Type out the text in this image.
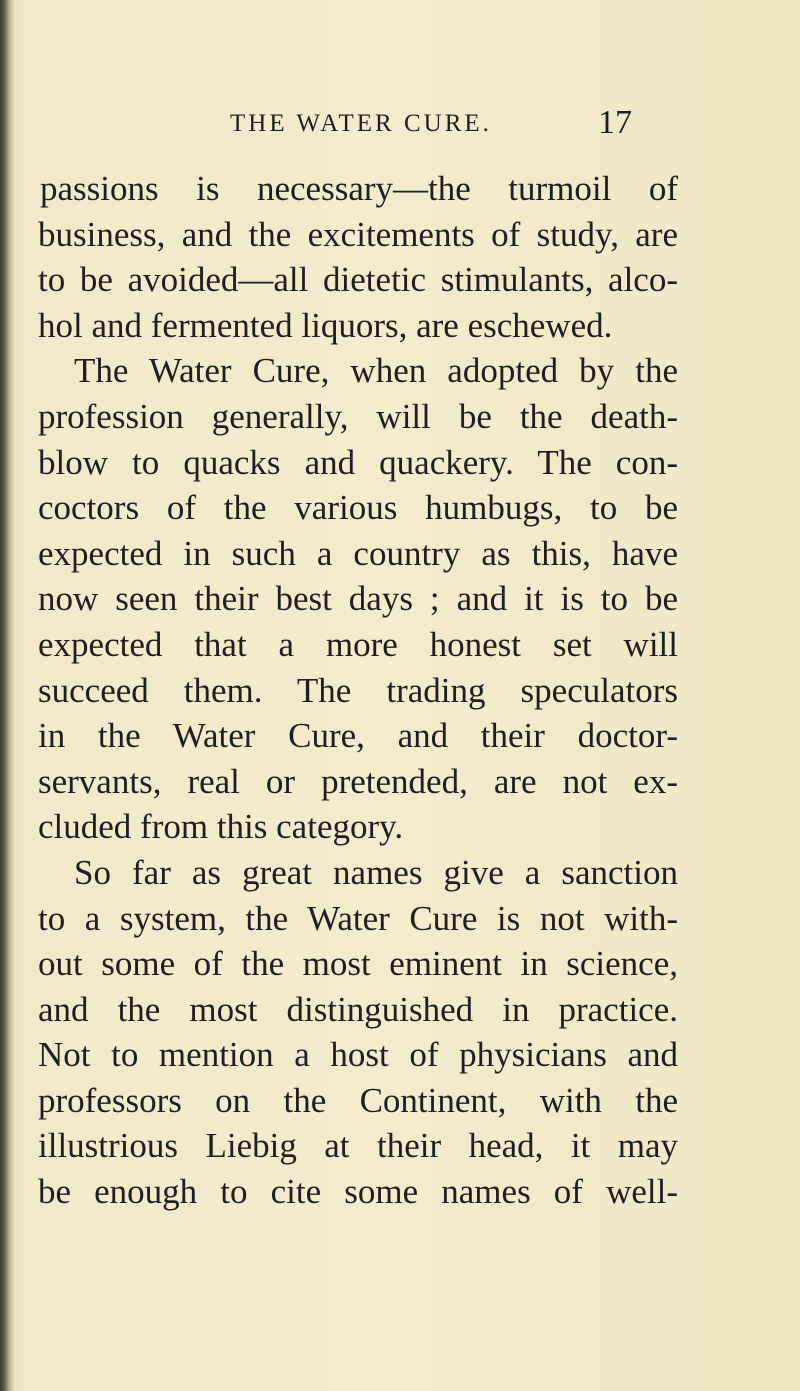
THE WATER CURE.	17
passions is necessary—the turmoil of
business, and the excitements of study, are
to be avoided—all dietetic stimulants, alco-
hol and fermented liquors, are eschewed.
The Water Cure, when adopted by the
profession generally, will be the death-
blow to quacks and quackery. The con-
coctors of the various humbugs, to be
expected in such a country as this, have
now seen their best days ; and it is to be
expected that a more honest set will
succeed them. The trading speculators
in the Water Cure, and their doctor-
servants, real or pretended, are not ex-
cluded from this category.
So far as great names give a sanction
to a system, the Water Cure is not with-
out some of the most eminent in science,
and the most distinguished in practice.
Not to mention a host of physicians and
professors on the Continent, with the
illustrious Liebig at their head, it may
be enough to cite some names of well-
